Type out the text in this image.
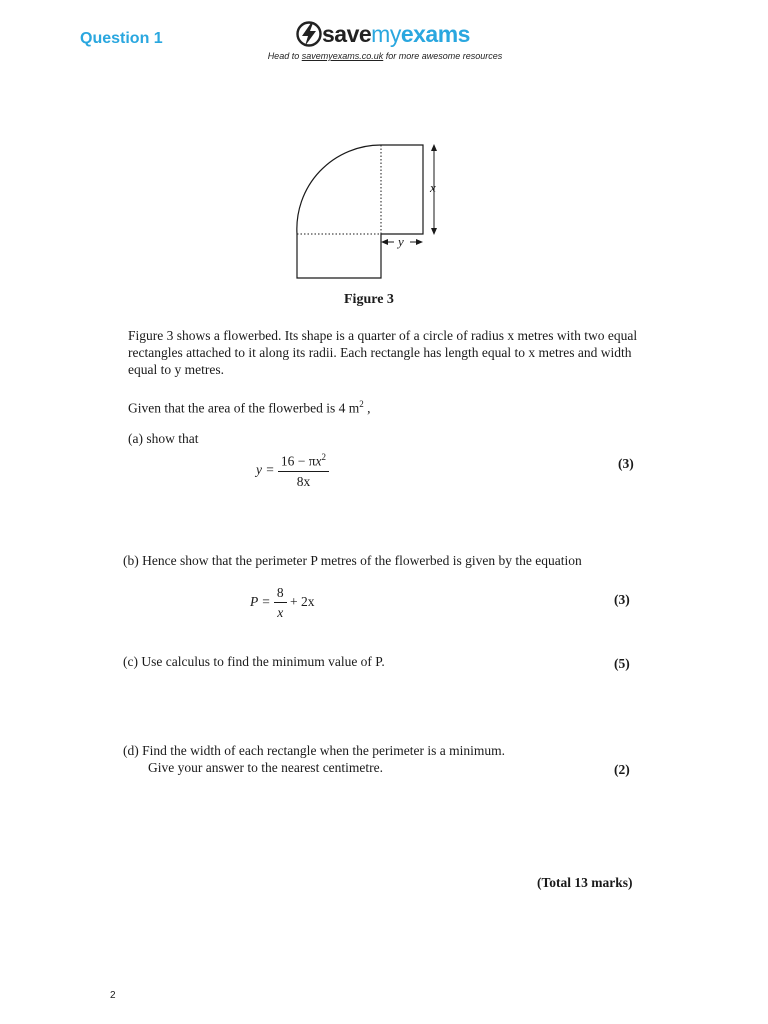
Question 1	savemyexams
Head to savemyexams.co.uk for more awesome resources
x
y
Figure 3
Figure 3 shows a flowerbed. Its shape is a quarter of a circle of radius x metres with two equal rectangles attached to it along its radii. Each rectangle has length equal to x metres and width equal to y metres.
Given that the area of the flowerbed is 4 $m^2$ ,
(a) show that
$y = \frac{16 - \pi x^2}{8x}$	(3)
(b) Hence show that the perimeter P metres of the flowerbed is given by the equation
$P = \frac{8}{x} + 2x$	(3)
(c) Use calculus to find the minimum value of P.	(5)
(d) Find the width of each rectangle when the perimeter is a minimum.
Give your answer to the nearest centimetre.	(2)
(Total 13 marks)
2
